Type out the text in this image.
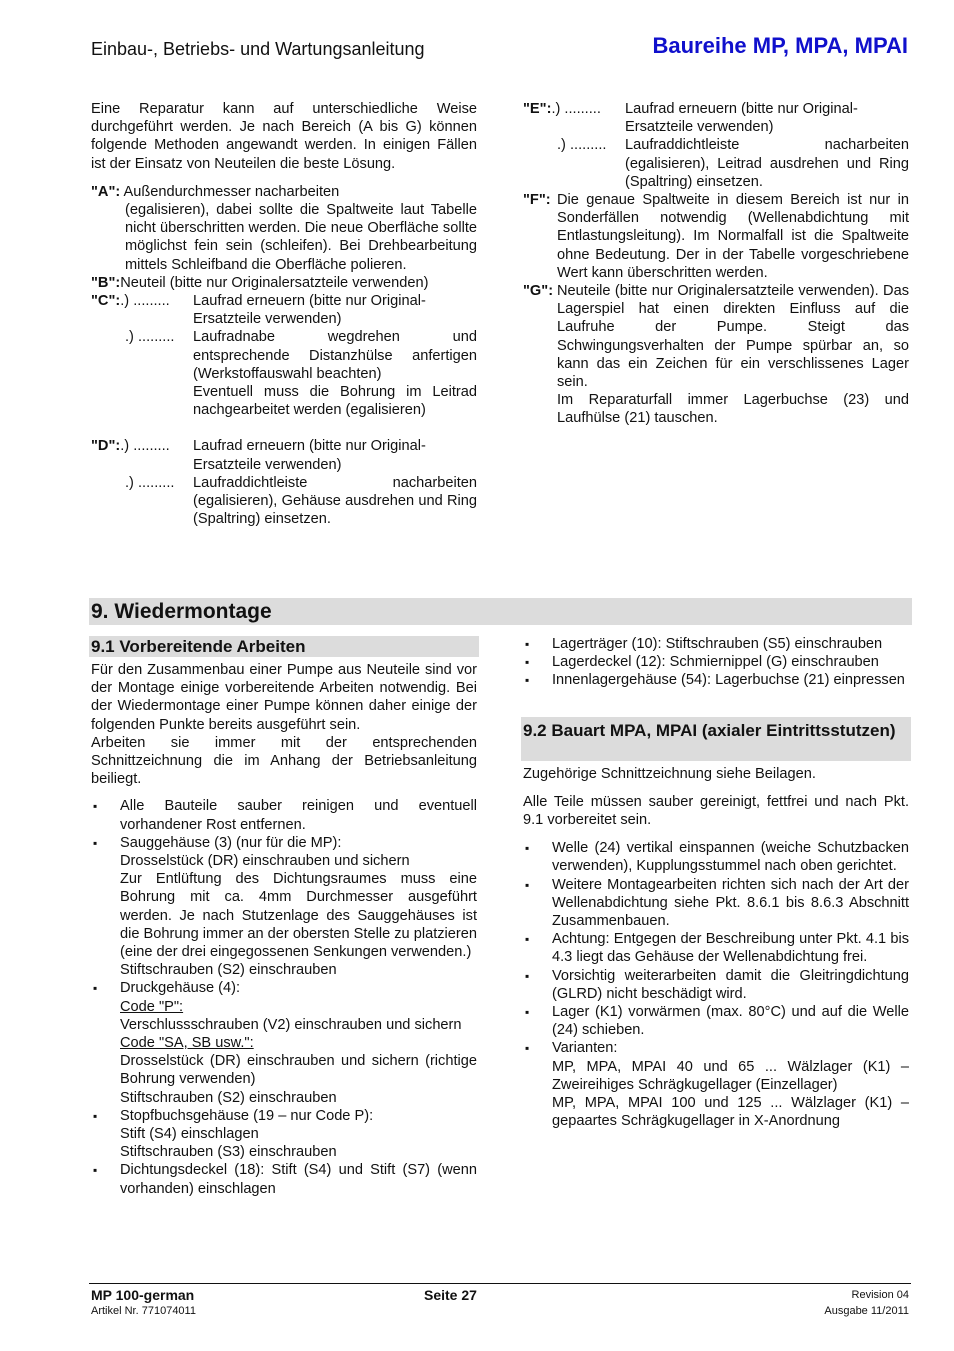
Einbau-, Betriebs- und Wartungsanleitung	Baureihe MP, MPA, MPAI

Eine Reparatur kann auf unterschiedliche Weise durchgeführt werden. Je nach Bereich (A bis G) können folgende Methoden angewandt werden. In einigen Fällen ist der Einsatz von Neuteilen die beste Lösung.

"A": Außendurchmesser nacharbeiten

(egalisieren), dabei sollte die Spaltweite laut Tabelle nicht überschritten werden. Die neue Oberfläche sollte möglichst fein sein (schleifen). Bei Drehbearbeitung mittels Schleifband die Oberfläche polieren.

"B":Neuteil (bitte nur Originalersatzteile verwenden)
"C":.) .........	Laufrad erneuern (bitte nur Original-Ersatzteile verwenden)
.) .........	Laufradnabe wegdrehen und entsprechende Distanzhülse anfertigen (Werkstoffauswahl beachten)

Eventuell muss die Bohrung im Leitrad nachgearbeitet werden (egalisieren)

"D":.) .........	Laufrad erneuern (bitte nur Original-Ersatzteile verwenden)
.) .........	Laufraddichtleiste nacharbeiten (egalisieren), Gehäuse ausdrehen und Ring (Spaltring) einsetzen.

"E":.) .........	Laufrad erneuern (bitte nur Original-Ersatzteile verwenden)
.) .........	Laufraddichtleiste nacharbeiten (egalisieren), Leitrad ausdrehen und Ring (Spaltring) einsetzen.

"F": Die genaue Spaltweite in diesem Bereich ist nur in Sonderfällen notwendig (Wellenabdichtung mit Entlastungsleitung). Im Normalfall ist die Spaltweite ohne Bedeutung. Der in der Tabelle vorgeschriebene Wert kann überschritten werden.

"G": Neuteile (bitte nur Originalersatzteile verwenden). Das Lagerspiel hat einen direkten Einfluss auf die Laufruhe der Pumpe. Steigt das Schwingungsverhalten der Pumpe spürbar an, so kann das ein Zeichen für ein verschlissenes Lager sein.

Im Reparaturfall immer Lagerbuchse (23) und Laufhülse (21) tauschen.

9. Wiedermontage
9.1 Vorbereitende Arbeiten

Für den Zusammenbau einer Pumpe aus Neuteile sind vor der Montage einige vorbereitende Arbeiten notwendig. Bei der Wiedermontage einer Pumpe können daher einige der folgenden Punkte bereits ausgeführt sein.

Arbeiten sie immer mit der entsprechenden Schnittzeichnung die im Anhang der Betriebsanleitung beiliegt.

▪ Alle Bauteile sauber reinigen und eventuell vorhandener Rost entfernen.
▪ Sauggehäuse (3) (nur für die MP):
Drosselstück (DR) einschrauben und sichern

Zur Entlüftung des Dichtungsraumes muss eine Bohrung mit ca. 4mm Durchmesser ausgeführt werden. Je nach Stutzenlage des Sauggehäuses ist die Bohrung immer an der obersten Stelle zu platzieren (eine der drei eingegossenen Senkungen verwenden.)

Stiftschrauben (S2) einschrauben
▪ Druckgehäuse (4):
Code "P":

Verschlussschrauben (V2) einschrauben und sichern

Code "SA, SB usw.":

Drosselstück (DR) einschrauben und sichern (richtige Bohrung verwenden)

Stiftschrauben (S2) einschrauben
▪ Stopfbuchsgehäuse (19 – nur Code P):
Stift (S4) einschlagen
Stiftschrauben (S3) einschrauben
▪ Dichtungsdeckel (18): Stift (S4) und Stift (S7) (wenn vorhanden) einschlagen
▪ Lagerträger (10): Stiftschrauben (S5) einschrauben
▪ Lagerdeckel (12): Schmiernippel (G) einschrauben
▪ Innenlagergehäuse (54): Lagerbuchse (21) einpressen
9.2 Bauart MPA, MPAI (axialer Eintrittsstutzen)

Zugehörige Schnittzeichnung siehe Beilagen.

Alle Teile müssen sauber gereinigt, fettfrei und nach Pkt. 9.1 vorbereitet sein.

▪ Welle (24) vertikal einspannen (weiche Schutzbacken verwenden), Kupplungsstummel nach oben gerichtet.
▪ Weitere Montagearbeiten richten sich nach der Art der Wellenabdichtung siehe Pkt. 8.6.1 bis 8.6.3 Abschnitt Zusammenbauen.
▪ Achtung: Entgegen der Beschreibung unter Pkt. 4.1 bis 4.3 liegt das Gehäuse der Wellenabdichtung frei.
▪ Vorsichtig weiterarbeiten damit die Gleitringdichtung (GLRD) nicht beschädigt wird.
▪ Lager (K1) vorwärmen (max. 80°C) und auf die Welle (24) schieben.
▪ Varianten:

MP, MPA, MPAI 40 und 65 ... Wälzlager (K1) – Zweireihiges Schrägkugellager (Einzellager)

MP, MPA, MPAI 100 und 125 ... Wälzlager (K1) – gepaartes Schrägkugellager in X-Anordnung

MP 100-german	Seite 27	Revision 04
Artikel Nr. 771074011	Ausgabe 11/2011
